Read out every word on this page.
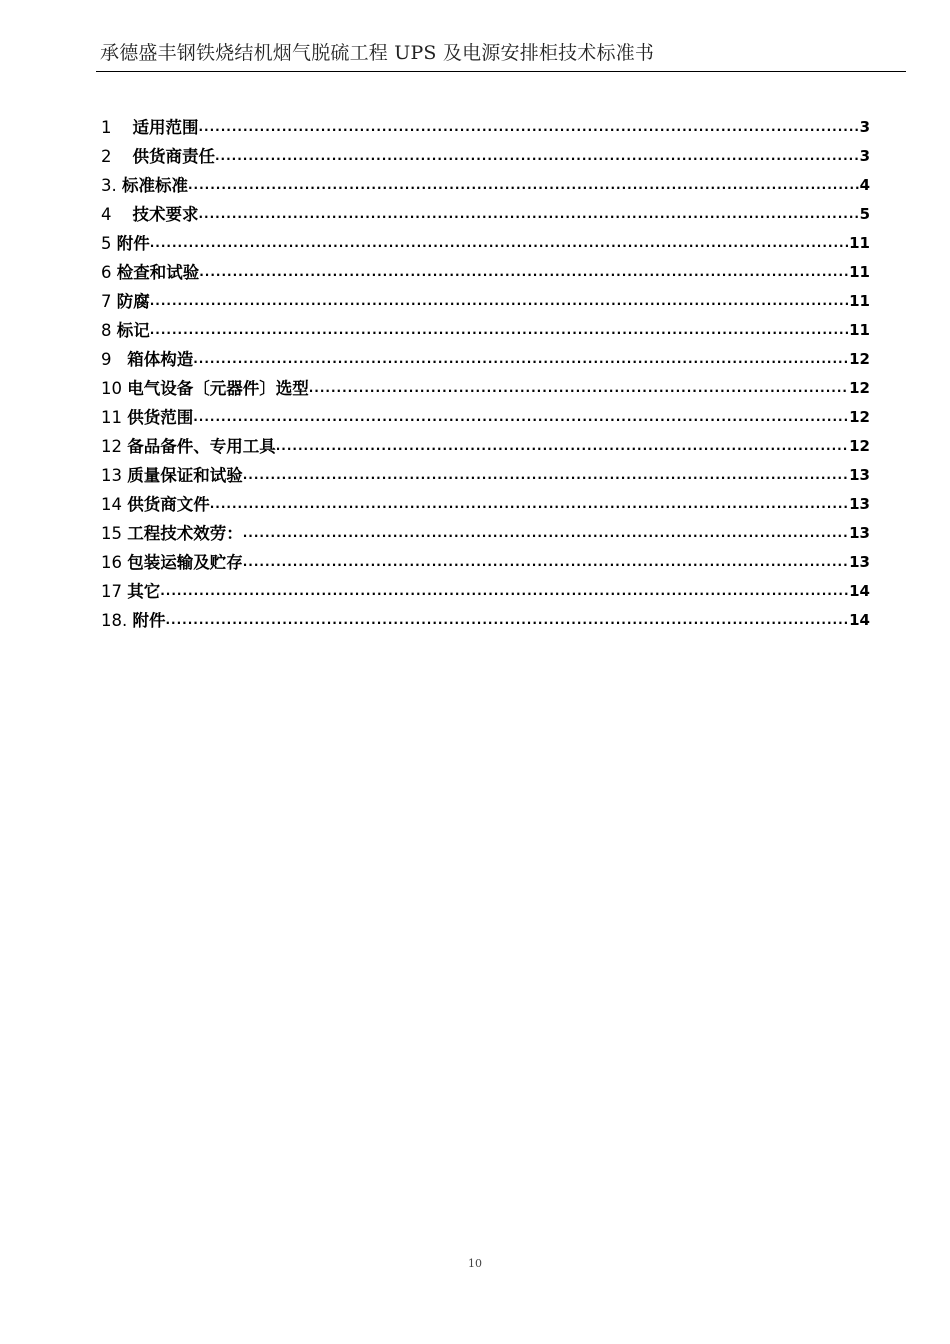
承德盛丰钢铁烧结机烟气脱硫工程 UPS 及电源安排柜技术标准书
1 适用范围 .....	3
2 供货商责任 .....	3
3. 标准标准 .....	4
4 技术要求 .....	5
5 附件 .....	11
6 检查和试验 .....	11
7 防腐 .....	11
8 标记 .....	11
9 箱体构造 .....	12
10 电气设备〔元器件〕选型 .....	12
11 供货范围 .....	12
12 备品备件、专用工具 .....	12
13 质量保证和试验 .....	13
14 供货商文件 .....	13
15 工程技术效劳： .....	13
16 包装运输及贮存 .....	13
17 其它 .....	14
18. 附件 .....	14
10
